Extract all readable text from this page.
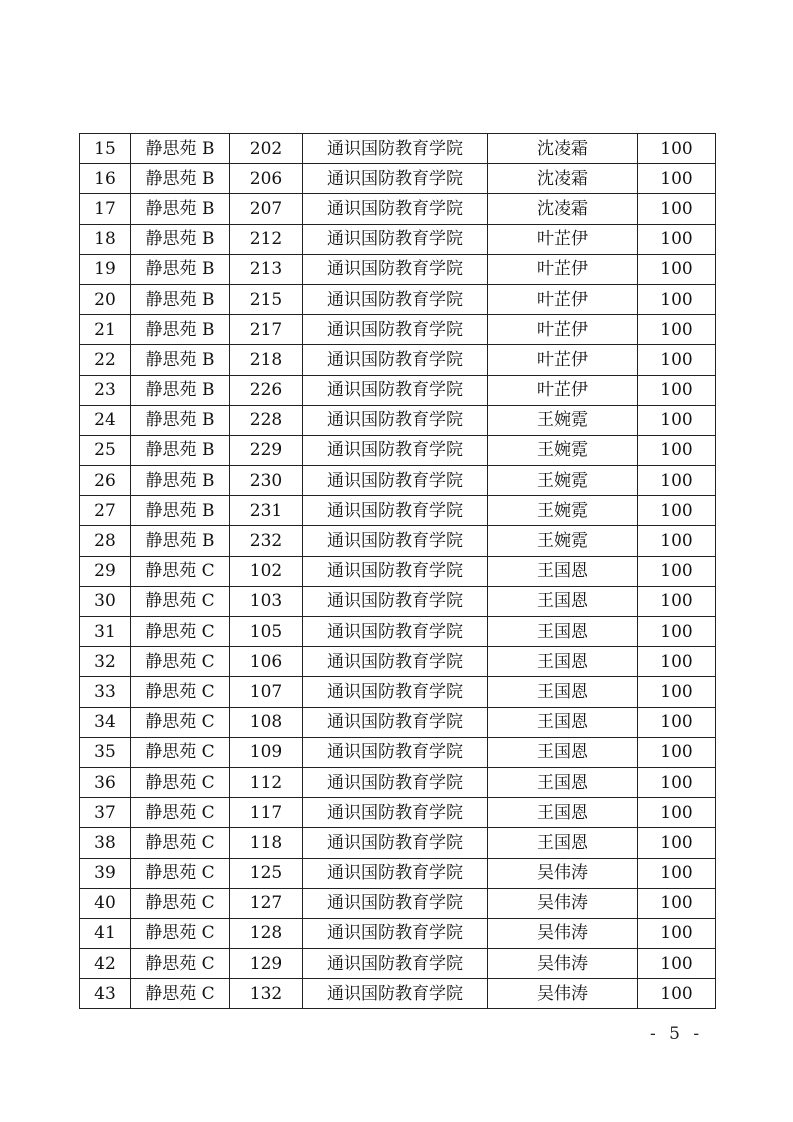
15	静思苑 B	202	通识国防教育学院	沈凌霜	100
16	静思苑 B	206	通识国防教育学院	沈凌霜	100
17	静思苑 B	207	通识国防教育学院	沈凌霜	100
18	静思苑 B	212	通识国防教育学院	叶芷伊	100
19	静思苑 B	213	通识国防教育学院	叶芷伊	100
20	静思苑 B	215	通识国防教育学院	叶芷伊	100
21	静思苑 B	217	通识国防教育学院	叶芷伊	100
22	静思苑 B	218	通识国防教育学院	叶芷伊	100
23	静思苑 B	226	通识国防教育学院	叶芷伊	100
24	静思苑 B	228	通识国防教育学院	王婉霓	100
25	静思苑 B	229	通识国防教育学院	王婉霓	100
26	静思苑 B	230	通识国防教育学院	王婉霓	100
27	静思苑 B	231	通识国防教育学院	王婉霓	100
28	静思苑 B	232	通识国防教育学院	王婉霓	100
29	静思苑 C	102	通识国防教育学院	王国恩	100
30	静思苑 C	103	通识国防教育学院	王国恩	100
31	静思苑 C	105	通识国防教育学院	王国恩	100
32	静思苑 C	106	通识国防教育学院	王国恩	100
33	静思苑 C	107	通识国防教育学院	王国恩	100
34	静思苑 C	108	通识国防教育学院	王国恩	100
35	静思苑 C	109	通识国防教育学院	王国恩	100
36	静思苑 C	112	通识国防教育学院	王国恩	100
37	静思苑 C	117	通识国防教育学院	王国恩	100
38	静思苑 C	118	通识国防教育学院	王国恩	100
39	静思苑 C	125	通识国防教育学院	吴伟涛	100
40	静思苑 C	127	通识国防教育学院	吴伟涛	100
41	静思苑 C	128	通识国防教育学院	吴伟涛	100
42	静思苑 C	129	通识国防教育学院	吴伟涛	100
43	静思苑 C	132	通识国防教育学院	吴伟涛	100
- 5 -
